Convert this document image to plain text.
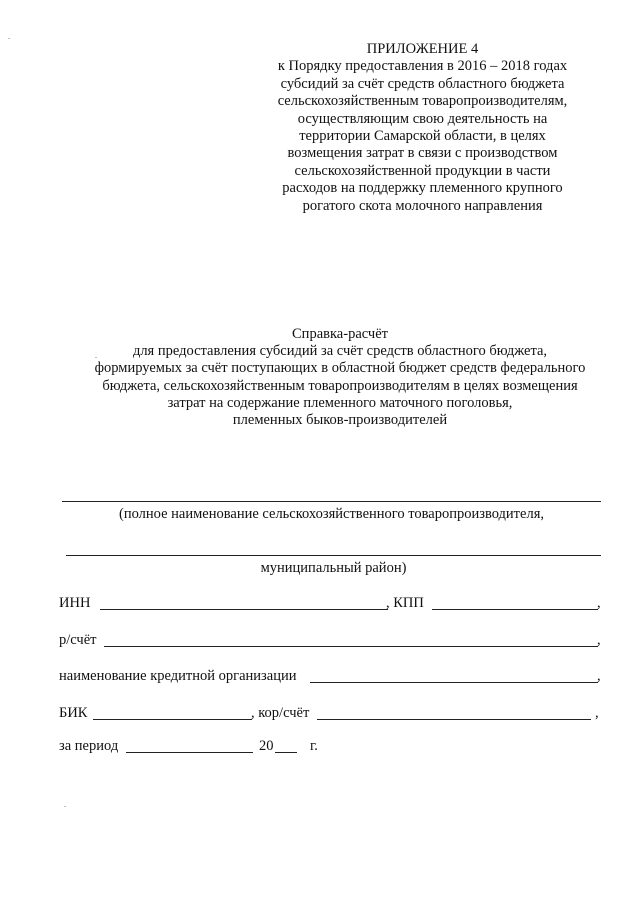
ПРИЛОЖЕНИЕ 4
к Порядку предоставления в 2016 – 2018 годах
субсидий за счёт средств областного бюджета
сельскохозяйственным товаропроизводителям,
осуществляющим свою деятельность на
территории Самарской области, в целях
возмещения затрат в связи с производством
сельскохозяйственной продукции в части
расходов на поддержку племенного крупного
рогатого скота молочного направления
Справка-расчёт
для предоставления субсидий за счёт средств областного бюджета,
формируемых за счёт поступающих в областной бюджет средств федерального
бюджета, сельскохозяйственным товаропроизводителям в целях возмещения
затрат на содержание племенного маточного поголовья,
племенных быков-производителей
(полное наименование сельскохозяйственного товаропроизводителя,
муниципальный район)
ИНН	, КПП	,
р/счёт	,
наименование кредитной организации	,
БИК	, кор/счёт	,
за период	20	г.
